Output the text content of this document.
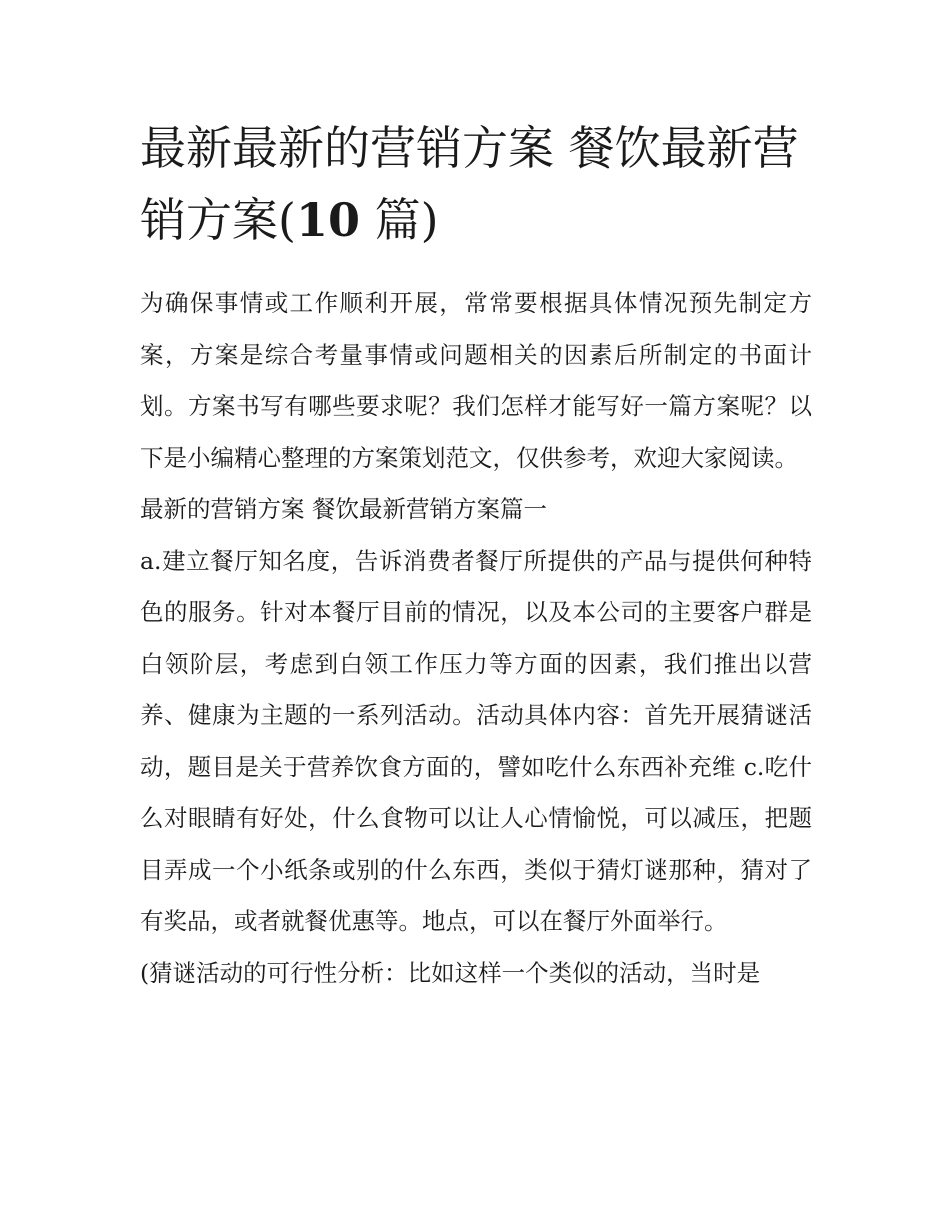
最新最新的营销方案 餐饮最新营销方案(10 篇)

为确保事情或工作顺利开展，常常要根据具体情况预先制定方案，方案是综合考量事情或问题相关的因素后所制定的书面计划。方案书写有哪些要求呢？我们怎样才能写好一篇方案呢？以下是小编精心整理的方案策划范文，仅供参考，欢迎大家阅读。

最新的营销方案 餐饮最新营销方案篇一

a.建立餐厅知名度，告诉消费者餐厅所提供的产品与提供何种特色的服务。针对本餐厅目前的情况，以及本公司的主要客户群是白领阶层，考虑到白领工作压力等方面的因素，我们推出以营养、健康为主题的一系列活动。活动具体内容：首先开展猜谜活动，题目是关于营养饮食方面的，譬如吃什么东西补充维 c.吃什么对眼睛有好处，什么食物可以让人心情愉悦，可以减压，把题目弄成一个小纸条或别的什么东西，类似于猜灯谜那种，猜对了有奖品，或者就餐优惠等。地点，可以在餐厅外面举行。

(猜谜活动的可行性分析：比如这样一个类似的活动，当时是
